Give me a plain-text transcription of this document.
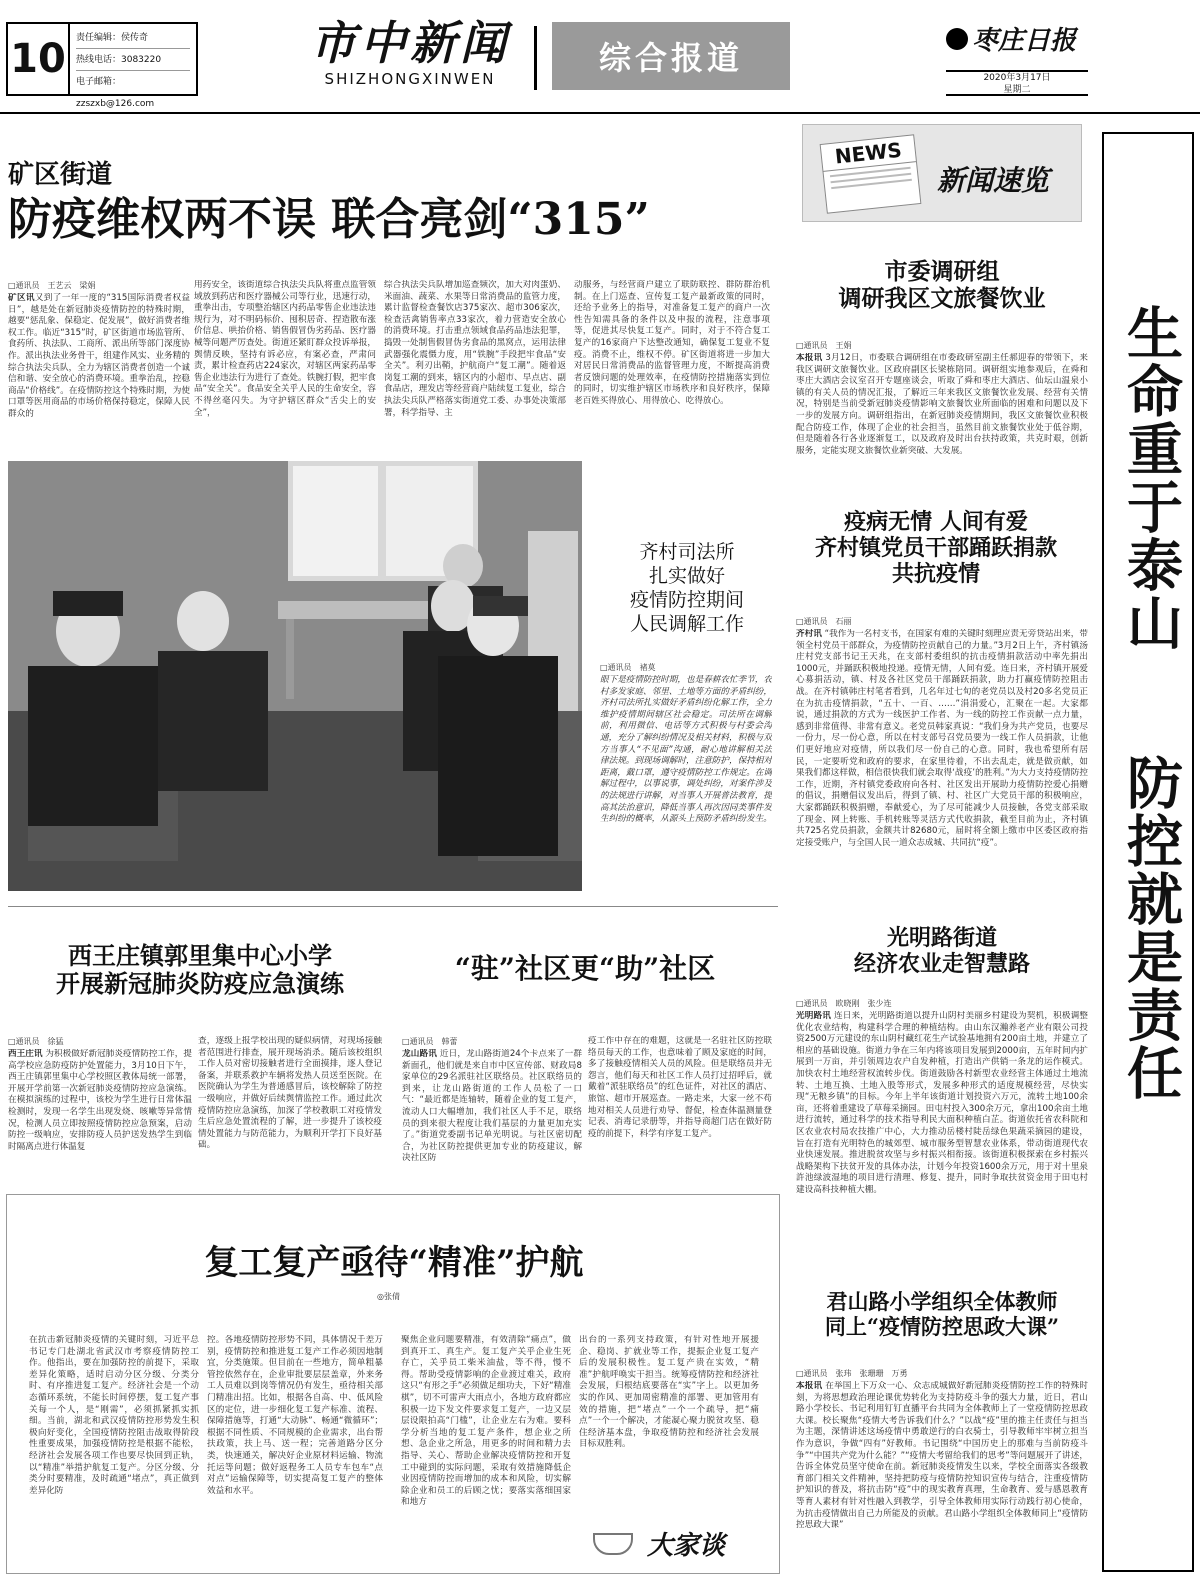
10	责任编辑：侯传奇
热线电话：3083220
电子邮箱：zzszxb@126.com
市中新闻
SHIZHONGXINWEN
综合报道	枣庄日报
2020年3月17日
星期二
矿区街道
防疫维权两不误 联合亮剑“315”
□通讯员　王艺云　梁娟
矿区讯又到了一年一度的“315国际消费者权益日”，越是处在新冠肺炎疫情防控的特殊时期，越要“惩乱象、保稳定、促发展”，做好消费者维权工作。临近“315”时，矿区街道市场监管所、食药所、执法队、工商所、派出所等部门深度协作。派出执法业务骨干，组建作风实、业务精的综合执法尖兵队，全力为辖区消费者创造一个诚信和谐、安全放心的消费环境。重拳治乱，控稳商品“价格线”。在疫情防控这个特殊时期，为使口罩等医用商品的市场价格保持稳定，保障人民群众的
用药安全，该街道综合执法尖兵队将重点监管领域放到药店和医疗器械公司等行业，迅速行动，重拳出击，专项整治辖区内药品零售企业违法违规行为，对不明码标价、囤积居奇、捏造散布涨价信息、哄抬价格、销售假冒伪劣药品、医疗器械等问题严厉查处。街道还紧盯群众投诉举报，舆情反映，坚持有诉必应，有案必查，严肃问责，累计检查药店224家次，对辖区两家药品零售企业违法行为进行了查处。铁腕打假，把牢食品“安全关”。食品安全关乎人民的生命安全，容不得丝毫闪失。为守护辖区群众“舌尖上的安全”，
综合执法尖兵队增加巡查频次，加大对肉蛋奶、米面油、蔬菜、水果等日常消费品的监管力度，累计监督检查餐饮店375家次、超市306家次，检查活禽销售率点33家次，着力营造安全放心的消费环境。打击重点领域食品药品违法犯罪，捣毁一处制售假冒伪劣食品的黑窝点，运用法律武器强化震慑力度，用“铁腕”手段把牢食品“安全关”。利刃出鞘，护航商户“复工潮”。随着返岗复工潮的到来，辖区内的小超市、早点店、副食品店，理发店等经营商户陆续复工复业，综合执法尖兵队严格落实街道党工委、办事处决策部署，科学指导、主
动服务，与经营商户建立了联防联控、群防群治机制。在上门巡查、宣传复工复产最新政策的同时，还给予业务上的指导，对准备复工复产的商户一次性告知需具备的条件以及申报的流程，注意事项等，促进其尽快复工复产。同时，对于不符合复工复产的16家商户下达整改通知，确保复工复业不复疫。消费不止，维权不停。矿区街道将进一步加大对居民日常消费品的监督管理力度，不断提高消费者反馈问题的处理效率，在疫情防控措施落实到位的同时，切实维护辖区市场秩序和良好秩序，保障老百姓买得放心、用得放心、吃得放心。
齐村司法所
扎实做好
疫情防控期间
人民调解工作
□通讯员　褚莫
眼下是疫情防控时期，也是春耕农忙季节，农村多发家庭、邻里、土地等方面的矛盾纠纷，齐村司法所扎实做好矛盾纠纷化解工作，全力维护疫情期间辖区社会稳定。司法所在调解前，利用微信、电话等方式积极与村委会沟通，充分了解纠纷情况及相关材料，积极与双方当事人“不见面”沟通，耐心地讲解相关法律法规。到现场调解时，注意防护，保持相对距离，戴口罩，遵守疫情防控工作规定。在调解过程中，以事说事，调处纠纷，对案件涉及的法规进行讲解，对当事人开展普法教育，提高其法治意识，降低当事人再次因同类事件发生纠纷的概率，从源头上预防矛盾纠纷发生。
NEWS
新闻速览
市委调研组
调研我区文旅餐饮业
□通讯员　王娟
本报讯 3月12日，市委联合调研组在市委政研室副主任郝迎春的带领下，来我区调研文旅餐饮业。区政府副区长梁栋陪同。调研组实地参观后，在舜和枣庄大酒店会议室召开专题座谈会，听取了舜和枣庄大酒店、仙坛山温泉小镇的有关人员的情况汇报，了解近三年来我区文旅餐饮业发展、经营有关情况，特别是当前受新冠肺炎疫情影响文旅餐饮业所面临的困难和问题以及下一步的发展方向。调研组指出，在新冠肺炎疫情期间，我区文旅餐饮业积极配合防疫工作，体现了企业的社会担当，虽然目前文旅餐饮业处于低谷期，但是随着各行各业逐渐复工，以及政府及时出台扶持政策，共克时艰，创新服务，定能实现文旅餐饮业新突破、大发展。
疫病无情 人间有爱
齐村镇党员干部踊跃捐款
共抗疫情
□通讯员　石丽
齐村讯 “我作为一名村支书，在国家有难的关键时刻理应责无旁贷站出来，带领全村党员干部群众，为疫情防控贡献自己的力量。”3月2日上午，齐村镇汤庄村党支部书记王天兆，在支部村委组织的抗击疫情捐款活动中率先捐出1000元，并踊跃积极地投递。疫情无情，人间有爱。连日来，齐村镇开展爱心募捐活动，镇、村及各社区党员干部踊跃捐款，助力打赢疫情防控阻击战。在齐村镇韩庄村笔者看到，几名年过七旬的老党员以及村20多名党员正在为抗击疫情捐款，“五十、一百、……”涓涓爱心，汇聚在一起。大家都说，通过捐款的方式为一线医护工作者、为一线的防控工作贡献一点力量，感到非常值得、非常有意义。老党员韩家真说：“我们身为共产党员，也要尽一份力，尽一份心意，所以在村支部号召党员要为一线工作人员捐款，让他们更好地应对疫情，所以我们尽一份自己的心意。同时，我也希望所有居民，一定要听党和政府的要求，在家里待着，不出去乱走，就是做贡献，如果我们都这样做，相信很快我们就会取得‘战疫’的胜利。”为大力支持疫情防控工作，近期，齐村镇党委政府向各村、社区发出开展助力疫情防控爱心捐赠的倡议，捐赠倡议发出后，得到了镇、村、社区广大党员干部的积极响应，大家都踊跃积极捐赠，奉献爱心，为了尽可能减少人员接触，各党支部采取了现金、网上转账、手机转账等灵活方式代收捐款，截至目前为止，齐村镇共725名党员捐款，金额共计82680元，届时将全额上缴市中区委区政府指定接受账户，与全国人民一道众志成城、共同抗“疫”。
光明路街道
经济农业走智慧路
□通讯员　欧晓刚　张少连
光明路讯 连日来，光明路街道以提升山阴村美丽乡村建设为契机，积极调整优化农业结构，构建科学合理的种植结构。由山东汉瀚养老产业有限公司投资2500万元建设的东山阴村藏红花生产试验基地拥有200亩土地，并建立了相应的基础设施。街道力争在三年内将该项目发展到2000亩，五年时间内扩展到一万亩，并引领周边农户自发种植，打造出产供销一条龙的运作模式。加快农村土地经营权流转步伐。街道鼓励各村新型农业经营主体通过土地流转、土地互换、土地入股等形式，发展多种形式的适度规模经营，尽快实现“无粮乡镇”的目标。今年上半年该街道计划投资六万元，流转土地100余亩，还将着重建设了草莓采摘园。田屯村投入300余万元，拿出100余亩土地进行流转，通过科学的技术指导利民大面积种植白芷。街道依托省农科院和区农业农村局农技推广中心，大力推动岳楼村陡岳绿色果蔬采摘园的建设，旨在打造有光明特色的城郊型、城市服务型智慧农业体系，带动街道现代农业快速发展。推进脱贫攻坚与乡村振兴相衔接。该街道积极探索在乡村振兴战略架构下扶贫开发的具体办法，计划今年投资1600余万元，用于对十里泉許池绿波湿地的项目进行清理、修复、提升，同时争取扶贫资金用于田屯村建设高科技种植大棚。
君山路小学组织全体教师
同上“疫情防控思政大课”
□通讯员　张玮　张珊珊　万勇
本报讯 在举国上下万众一心、众志成城做好新冠肺炎疫情防控工作的特殊时刻，为将思想政治理论课优势转化为支持防疫斗争的强大力量，近日，君山路小学校长、书记利用钉钉直播平台共同为全体教师上了一堂疫情防控思政大课。校长聚焦“疫情大考告诉我们什么？”以战“疫”里的推主任责任与担当为主题，深情讲述这场疫情中勇敢逆行的白衣骑士，引导教师牢牢树立担当作为意识，争做“四有”好教师。书记围绕“中国历史上的那难与当前防疫斗争”“中国共产党为什么能？”“疫情大考留给我们的思考”等问题展开了讲述，告诉全体党员坚守使命在前。新冠肺炎疫情发生以来，学校全面落实各级教育部门相关文件精神，坚持把防疫与疫情防控知识宣传与结合，注重疫情防护知识的普及，将抗击防“疫”中的现实教育真理，生命教育、爱与感恩教育等育人素材有针对性融入到教学，引导全体教师用实际行动践行初心使命，为抗击疫情做出自己力所能及的贡献。君山路小学组织全体教师同上“疫情防控思政大课”
生命重于泰山
防控就是责任
西王庄镇郭里集中心小学
开展新冠肺炎防疫应急演练
□通讯员　徐猛
西王庄讯 为积极做好新冠肺炎疫情防控工作，提高学校应急防疫防护处置能力，3月10日下午，西王庄镇郭里集中心学校照区教体局统一部署，开展开学前第一次新冠肺炎疫情防控应急演练。在模拟演练的过程中，该校为学生进行日常体温检测时，发现一名学生出现发烧、咳嗽等异常情况，检测人员立即按照疫情防控应急预案，启动防控一级响应，安排防疫人员护送发热学生到临时隔离点进行体温复
查，逐级上报学校出现的疑似病情，对现场接触者范围进行排查，展开现场消杀。随后该校组织工作人员对密切接触者进行全面摸排，逐人登记备案，并联系救护车辆将发热人员送至医院。在医院确认为学生为普通感冒后，该校解除了防控一级响应，并做好后续舆情监控工作。通过此次疫情防控应急演练，加深了学校教职工对疫情发生后应急处置流程的了解，进一步提升了该校疫情处置能力与防范能力，为顺利开学打下良好基础。
“驻”社区更“助”社区
□通讯员　韩蕾
龙山路讯 近日，龙山路街道24个卡点来了一群新面孔，他们就是来自市中区宣传部、财政局8家单位的29名派驻社区联络员。社区联络员的到来，让龙山路街道的工作人员松了一口气：“最近都是连轴转，随着企业的复工复产，流动人口大幅增加，我们社区人手不足，联络员的到来很大程度让我们基层的力量更加充实了。”街道党委副书记单光明说。与社区密切配合，为社区防控提供更加专业的防疫建议，解决社区防
疫工作中存在的难题，这就是一名驻社区防控联络员每天的工作，也意味着了顾及家庭的时间，多了接触疫情相关人员的风险。但是联络员并无怨言，他们每天和社区工作人员打过招呼后，就戴着“派驻联络员”的红色证件，对社区的酒店、旅馆、超市开展巡查。一路走来，大家一丝不苟地对相关人员进行劝导、督促，检查体温测量登记表、消毒记录册等，并指导商超门店在做好防疫的前提下，科学有序复工复产。
复工复产亟待“精准”护航
◎张倩
在抗击新冠肺炎疫情的关键时刻，习近平总书记专门赴湖北省武汉市考察疫情防控工作。他指出，要在加强防控的前提下，采取差异化策略，适时启动分区分级、分类分时、有序推进复工复产。经济社会是一个动态循环系统，不能长时间停摆，复工复产事关每一个人，是“刚需”，必须抓紧抓实抓细。当前，湖北和武汉疫情防控形势发生积极向好变化，全国疫情防控阻击战取得阶段性重要成果，加强疫情防控是根据不能松，经济社会发展各项工作也要尽快回到正轨，以“精准”举措护航复工复产。分区分级、分类分时要精准，及时疏通“堵点”，真正做到差异化防
控。各地疫情防控形势不同，具体情况千差万别，疫情防控和推进复工复产工作必须因地制宜，分类施策。但目前在一些地方，简单粗暴管控依然存在，企业审批要层层盖章，外来务工人员难以到岗等情况仍有发生，亟待相关部门精准出招。比如，根据各自高、中、低风险区的定位，进一步细化复工复产标准、流程、保障措施等，打通“大动脉”、畅通“微循环”；根据不同性质、不同规模的企业需求，出台帮扶政策，扶上马、送一程；完善道路分区分类，快速通关，解决好企业原材料运输、物流托运等问题；做好返程务工人员专车包车“点对点”运输保障等，切实提高复工复产的整体效益和水平。
聚焦企业问题要精准，有效清除“痛点”，做到真开工、真生产。复工复产关乎企业生死存亡，关乎员工柴米油盐，等不得，慢不得。帮助受疫情影响的企业渡过难关，政府这只“有形之手”必须做足细功夫，下好“精准棋”，切不可雷声大雨点小，各地方政府都应积极一边下发文件要求复工复产，一边又层层设限拍高“门槛”，让企业左右为难。要科学分析当地的复工复产条件，想企业之所想、急企业之所急，用更多的时间和精力去指导、关心、帮助企业解决疫情防控和开复工中碰到的实际问题，采取有效措施降低企业因疫情防控而增加的成本和风险，切实解除企业和员工的后顾之忧；要落实落细国家和地方
出台的一系列支持政策，有针对性地开展援企、稳岗、扩就业等工作，提振企业复工复产后的发展积极性。复工复产贵在实效，“精准”护航呼唤实干担当。统筹疫情防控和经济社会发展，归根结底要落在“实”字上。以更加务实的作风、更加周密精准的部署、更加管用有效的措施，把“堵点”一个一个疏导，把“痛点”一个一个解决，才能凝心聚力脱贫攻坚、稳住经济基本盘，争取疫情防控和经济社会发展目标双胜利。
大家谈
